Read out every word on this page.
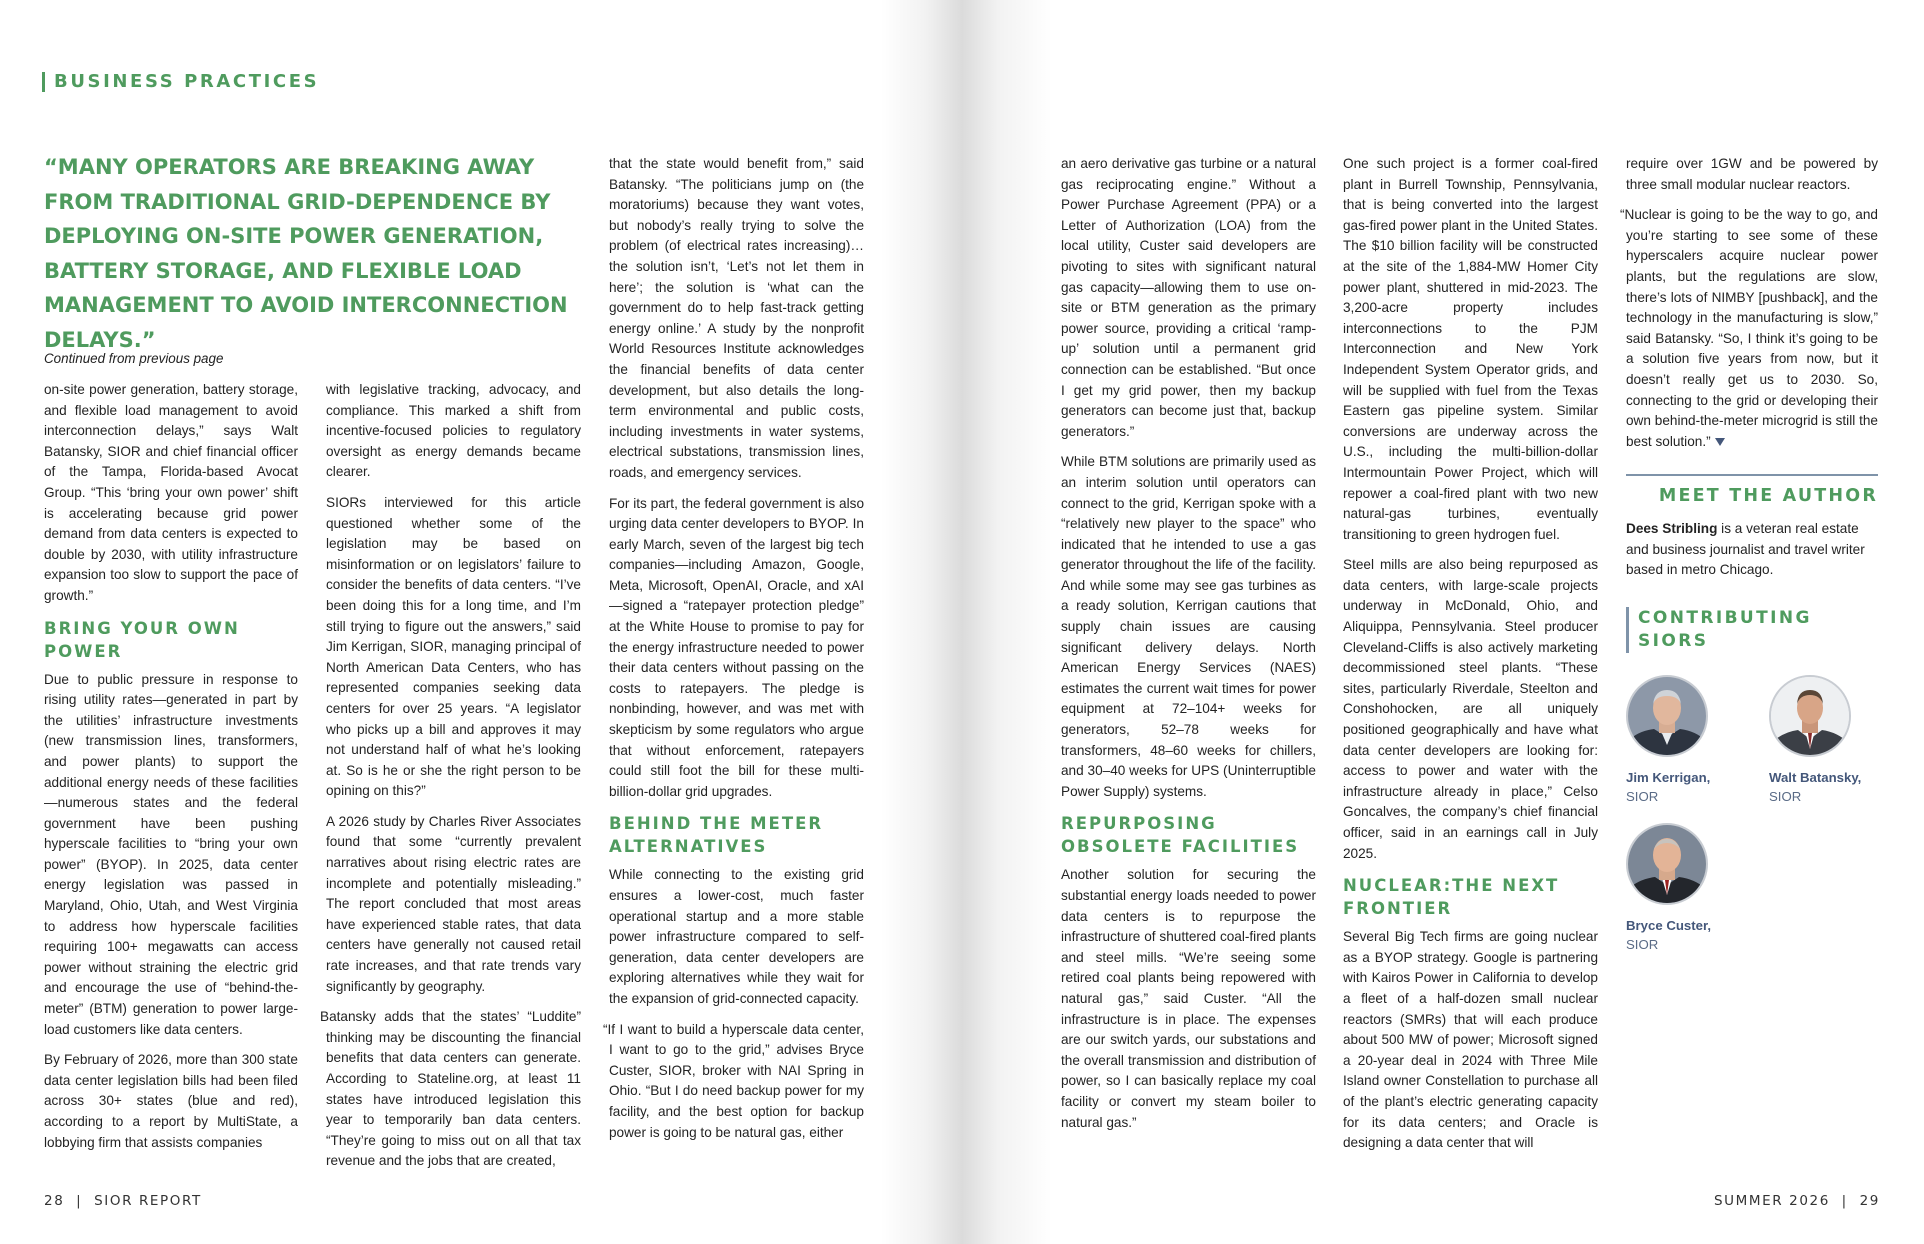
BUSINESS PRACTICES

“MANY OPERATORS ARE BREAKING AWAY FROM TRADITIONAL GRID-DEPENDENCE BY DEPLOYING ON-SITE POWER GENERATION, BATTERY STORAGE, AND FLEXIBLE LOAD MANAGEMENT TO AVOID INTERCONNECTION DELAYS.”

Continued from previous page

on-site power generation, battery storage, and flexible load management to avoid interconnection delays,” says Walt Batansky, SIOR and chief financial officer of the Tampa, Florida-based Avocat Group. “This ‘bring your own power’ shift is accelerating because grid power demand from data centers is expected to double by 2030, with utility infrastructure expansion too slow to support the pace of growth.”

BRING YOUR OWN POWER

Due to public pressure in response to rising utility rates—generated in part by the utilities’ infrastructure investments (new transmission lines, transformers, and power plants) to support the additional energy needs of these facilities—numerous states and the federal government have been pushing hyperscale facilities to “bring your own power” (BYOP). In 2025, data center energy legislation was passed in Maryland, Ohio, Utah, and West Virginia to address how hyperscale facilities requiring 100+ megawatts can access power without straining the electric grid and encourage the use of “behind-the-meter” (BTM) generation to power large-load customers like data centers.

By February of 2026, more than 300 state data center legislation bills had been filed across 30+ states (blue and red), according to a report by MultiState, a lobbying firm that assists companies

with legislative tracking, advocacy, and compliance. This marked a shift from incentive-focused policies to regulatory oversight as energy demands became clearer.

SIORs interviewed for this article questioned whether some of the legislation may be based on misinformation or on legislators’ failure to consider the benefits of data centers. “I’ve been doing this for a long time, and I’m still trying to figure out the answers,” said Jim Kerrigan, SIOR, managing principal of North American Data Centers, who has represented companies seeking data centers for over 25 years. “A legislator who picks up a bill and approves it may not understand half of what he’s looking at. So is he or she the right person to be opining on this?”

A 2026 study by Charles River Associates found that some “currently prevalent narratives about rising electric rates are incomplete and potentially misleading.” The report concluded that most areas have experienced stable rates, that data centers have generally not caused retail rate increases, and that rate trends vary significantly by geography.

Batansky adds that the states’ “Luddite” thinking may be discounting the financial benefits that data centers can generate. According to Stateline.org, at least 11 states have introduced legislation this year to temporarily ban data centers. “They’re going to miss out on all that tax revenue and the jobs that are created,

that the state would benefit from,” said Batansky. “The politicians jump on (the moratoriums) because they want votes, but nobody’s really trying to solve the problem (of electrical rates increasing)… the solution isn’t, ‘Let’s not let them in here’; the solution is ‘what can the government do to help fast-track getting energy online.’ A study by the nonprofit World Resources Institute acknowledges the financial benefits of data center development, but also details the long-term environmental and public costs, including investments in water systems, electrical substations, transmission lines, roads, and emergency services.

For its part, the federal government is also urging data center developers to BYOP. In early March, seven of the largest big tech companies—including Amazon, Google, Meta, Microsoft, OpenAI, Oracle, and xAI—signed a “ratepayer protection pledge” at the White House to promise to pay for the energy infrastructure needed to power their data centers without passing on the costs to ratepayers. The pledge is nonbinding, however, and was met with skepticism by some regulators who argue that without enforcement, ratepayers could still foot the bill for these multi-billion-dollar grid upgrades.

BEHIND THE METER ALTERNATIVES

While connecting to the existing grid ensures a lower-cost, much faster operational startup and a more stable power infrastructure compared to self-generation, data center developers are exploring alternatives while they wait for the expansion of grid-connected capacity.

“If I want to build a hyperscale data center, I want to go to the grid,” advises Bryce Custer, SIOR, broker with NAI Spring in Ohio. “But I do need backup power for my facility, and the best option for backup power is going to be natural gas, either

28  |  SIOR REPORT

an aero derivative gas turbine or a natural gas reciprocating engine.” Without a Power Purchase Agreement (PPA) or a Letter of Authorization (LOA) from the local utility, Custer said developers are pivoting to sites with significant natural gas capacity—allowing them to use on-site or BTM generation as the primary power source, providing a critical ‘ramp-up’ solution until a permanent grid connection can be established. “But once I get my grid power, then my backup generators can become just that, backup generators.”

While BTM solutions are primarily used as an interim solution until operators can connect to the grid, Kerrigan spoke with a “relatively new player to the space” who indicated that he intended to use a gas generator throughout the life of the facility. And while some may see gas turbines as a ready solution, Kerrigan cautions that supply chain issues are causing significant delivery delays. North American Energy Services (NAES) estimates the current wait times for power equipment at 72–104+ weeks for generators, 52–78 weeks for transformers, 48–60 weeks for chillers, and 30–40 weeks for UPS (Uninterruptible Power Supply) systems.

REPURPOSING OBSOLETE FACILITIES

Another solution for securing the substantial energy loads needed to power data centers is to repurpose the infrastructure of shuttered coal-fired plants and steel mills. “We’re seeing some retired coal plants being repowered with natural gas,” said Custer. “All the infrastructure is in place. The expenses are our switch yards, our substations and the overall transmission and distribution of power, so I can basically replace my coal facility or convert my steam boiler to natural gas.”

One such project is a former coal-fired plant in Burrell Township, Pennsylvania, that is being converted into the largest gas-fired power plant in the United States. The $10 billion facility will be constructed at the site of the 1,884-MW Homer City power plant, shuttered in mid-2023. The 3,200-acre property includes interconnections to the PJM Interconnection and New York Independent System Operator grids, and will be supplied with fuel from the Texas Eastern gas pipeline system. Similar conversions are underway across the U.S., including the multi-billion-dollar Intermountain Power Project, which will repower a coal-fired plant with two new natural-gas turbines, eventually transitioning to green hydrogen fuel.

Steel mills are also being repurposed as data centers, with large-scale projects underway in McDonald, Ohio, and Aliquippa, Pennsylvania. Steel producer Cleveland-Cliffs is also actively marketing decommissioned steel plants. “These sites, particularly Riverdale, Steelton and Conshohocken, are all uniquely positioned geographically and have what data center developers are looking for: access to power and water with the infrastructure already in place,” Celso Goncalves, the company’s chief financial officer, said in an earnings call in July 2025.

NUCLEAR:THE NEXT FRONTIER

Several Big Tech firms are going nuclear as a BYOP strategy. Google is partnering with Kairos Power in California to develop a fleet of a half-dozen small nuclear reactors (SMRs) that will each produce about 500 MW of power; Microsoft signed a 20-year deal in 2024 with Three Mile Island owner Constellation to purchase all of the plant’s electric generating capacity for its data centers; and Oracle is designing a data center that will

require over 1GW and be powered by three small modular nuclear reactors.

“Nuclear is going to be the way to go, and you’re starting to see some of these hyperscalers acquire nuclear power plants, but the regulations are slow, there’s lots of NIMBY [pushback], and the technology in the manufacturing is slow,” said Batansky. “So, I think it’s going to be a solution five years from now, but it doesn’t really get us to 2030. So, connecting to the grid or developing their own behind-the-meter microgrid is still the best solution.”

MEET THE AUTHOR

Dees Stribling is a veteran real estate and business journalist and travel writer based in metro Chicago.

CONTRIBUTING SIORS
Jim Kerrigan,
SIOR
Walt Batansky,
SIOR
Bryce Custer,
SIOR
SUMMER 2026  |  29
